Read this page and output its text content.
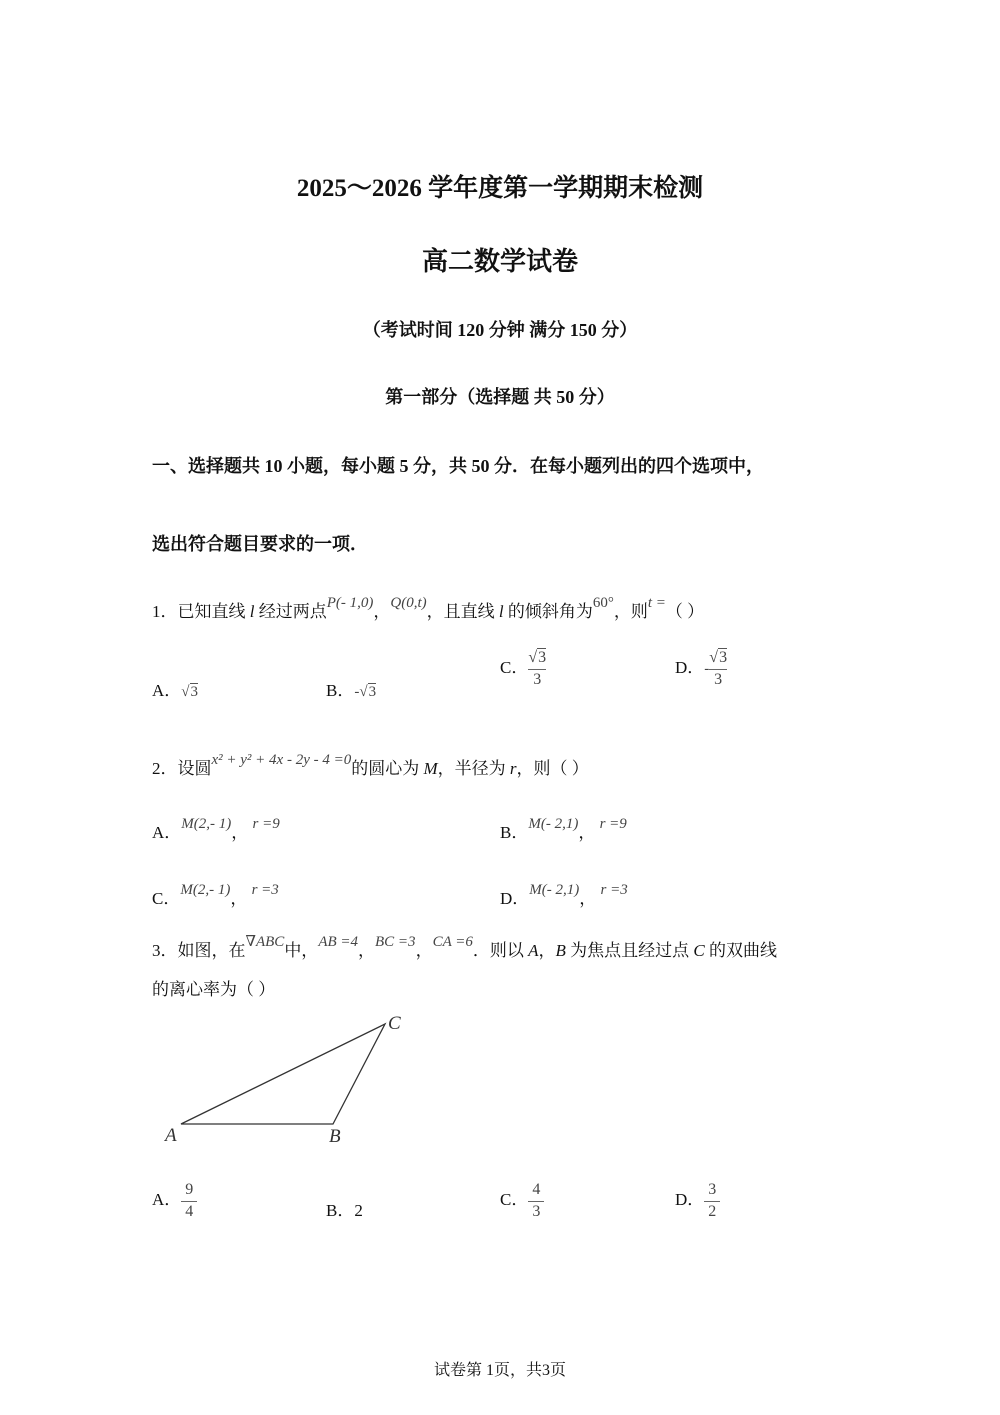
2025～2026 学年度第一学期期末检测
高二数学试卷
（考试时间 120 分钟 满分 150 分）
第一部分（选择题 共 50 分）
一、选择题共 10 小题，每小题 5 分，共 50 分．在每小题列出的四个选项中，
选出符合题目要求的一项．
1．已知直线 l 经过两点P(- 1,0)，Q(0,t)，且直线 l 的倾斜角为60°，则t =（ ）
A．√3	B．-√3
C． $\frac{√3}{3}$	D．- $\frac{√3}{3}$
2．设圆x² + y² + 4x - 2y - 4 =0的圆心为 M，半径为 r，则（ ）
A．M(2,- 1)， r =9	B．M(- 2,1)， r =9
C．M(2,- 1)， r =3	D．M(- 2,1)， r =3
3．如图，在∇ABC中，AB =4，BC =3，CA =6．则以 A，B 为焦点且经过点 C 的双曲线
的离心率为（ ）
A	B
C
A． $\frac{9}{4}$	B．2
C． $\frac{4}{3}$	D． $\frac{3}{2}$
试卷第 1页，共3页
